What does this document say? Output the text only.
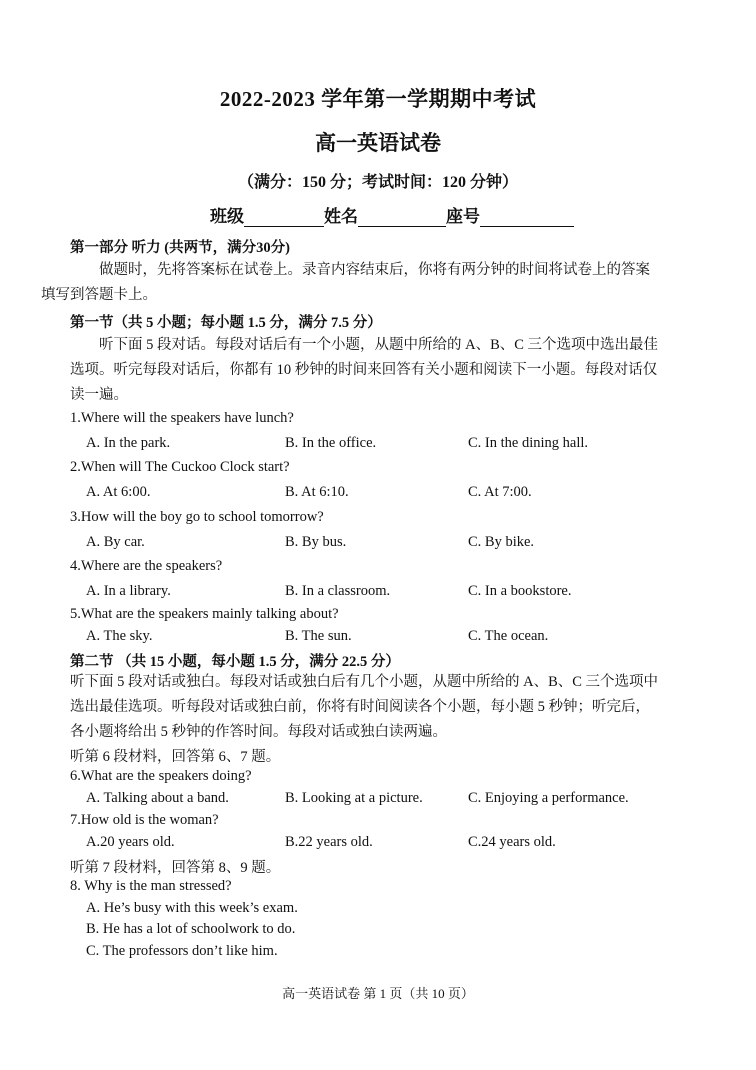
2022-2023 学年第一学期期中考试
高一英语试卷
（满分：150 分；考试时间：120 分钟）
班级	姓名	座号
第一部分 听力 (共两节，满分30分)
做题时，先将答案标在试卷上。录音内容结束后，你将有两分钟的时间将试卷上的答案
填写到答题卡上。
第一节（共 5 小题；每小题 1.5 分，满分 7.5 分）
听下面 5 段对话。每段对话后有一个小题，从题中所给的 A、B、C 三个选项中选出最佳
选项。听完每段对话后，你都有 10 秒钟的时间来回答有关小题和阅读下一小题。每段对话仅
读一遍。
1.Where will the speakers have lunch?
A. In the park.	B. In the office.	C. In the dining hall.
2.When will The Cuckoo Clock start?
A. At 6:00.	B. At 6:10.	C. At 7:00.
3.How will the boy go to school tomorrow?
A. By car.	B. By bus.	C. By bike.
4.Where are the speakers?
A. In a library.	B. In a classroom.	C. In a bookstore.
5.What are the speakers mainly talking about?
A. The sky.	B. The sun.	C. The ocean.
第二节 （共 15 小题，每小题 1.5 分，满分 22.5 分）
听下面 5 段对话或独白。每段对话或独白后有几个小题，从题中所给的 A、B、C 三个选项中
选出最佳选项。听每段对话或独白前，你将有时间阅读各个小题，每小题 5 秒钟；听完后，
各小题将给出 5 秒钟的作答时间。每段对话或独白读两遍。
听第 6 段材料，回答第 6、7 题。
6.What are the speakers doing?
A. Talking about a band.	B. Looking at a picture.	C. Enjoying a performance.
7.How old is the woman?
A.20 years old.	B.22 years old.	C.24 years old.
听第 7 段材料，回答第 8、9 题。
8. Why is the man stressed?
A. He’s busy with this week’s exam.
B. He has a lot of schoolwork to do.
C. The professors don’t like him.
高一英语试卷 第 1 页（共 10 页）
